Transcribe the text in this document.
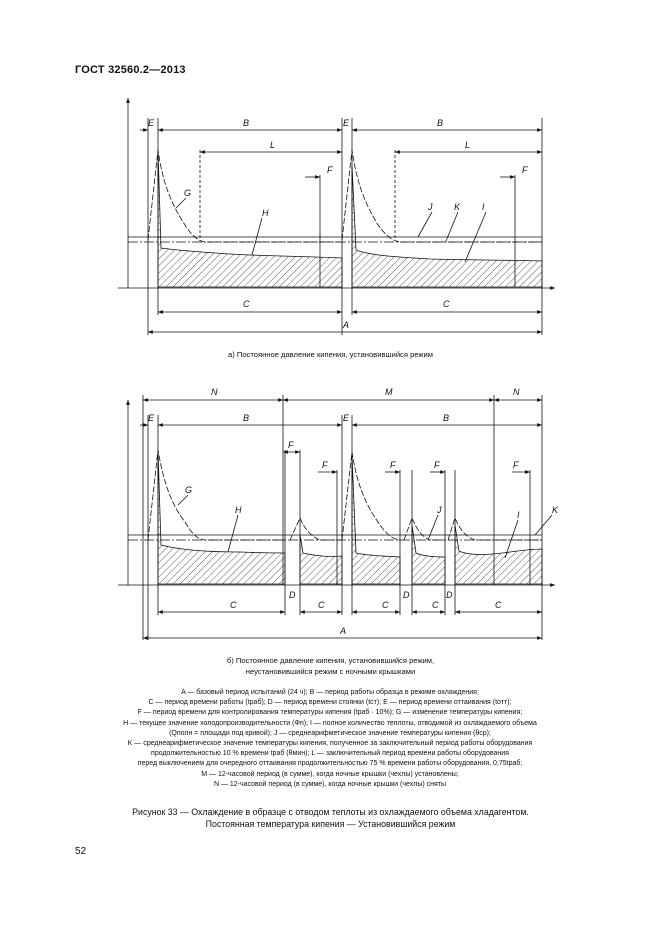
ГОСТ 32560.2—2013
E	B	E	B
L	L
F	F
G
H
J K I
C	C
A
N	M	N
E	B	E	B
F
F	F	F	F
G
H	J	I	K
C
D
C	C
D
C
D
C
A
а) Постоянное давление кипения, установившийся режим
б) Постоянное давление кипения, установившийся режим,
неустановившийся режим с ночными крышками
A — базовый период испытаний (24 ч); B — период работы образца в режиме охлаждения;
C — период времени работы (tраб); D — период времени стоянки (tст); E — период времени оттаивания (tотт);
F — период времени для контролирования температуры кипения (tраб · 10%); G — изменение температуры кипения;
H — текущее значение холодопроизводительности (Φп); I — полное количество теплоты, отводимой из охлаждаемого объема
(Qполн = площади под кривой); J — среднеарифметическое значение температуры кипения (θср);
K — среднеарифметическое значение температуры кипения, полученное за заключительный период работы оборудования
продолжительностью 10 % времени tраб (θмин); L — заключительный период времени работы оборудования
перед выключением для очередного оттаивания продолжительностью 75 % времени работы оборудования, 0,75tраб;
M — 12-часовой период (в сумме), когда ночные крышки (чехлы) установлены;
N — 12-часовой период (в сумме), когда ночные крышки (чехлы) сняты
Рисунок 33 — Охлаждение в образце с отводом теплоты из охлаждаемого объема хладагентом.
Постоянная температура кипения — Установившийся режим
52
